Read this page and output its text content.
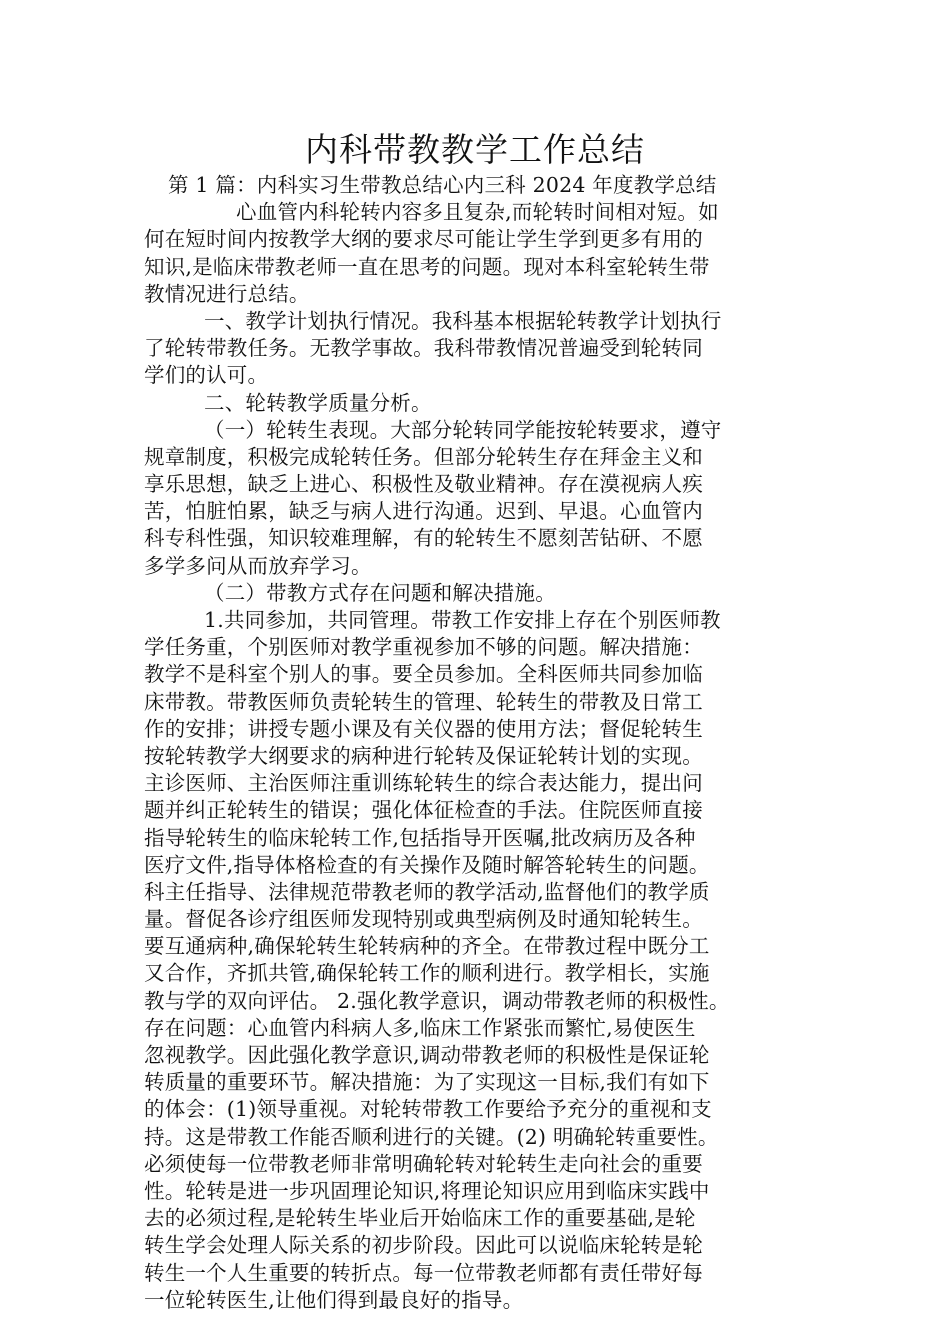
内科带教教学工作总结
第 1 篇：内科实习生带教总结心内三科 2024 年度教学总结
心血管内科轮转内容多且复杂,而轮转时间相对短。如
何在短时间内按教学大纲的要求尽可能让学生学到更多有用的
知识,是临床带教老师一直在思考的问题。现对本科室轮转生带
教情况进行总结。
一、教学计划执行情况。我科基本根据轮转教学计划执行
了轮转带教任务。无教学事故。我科带教情况普遍受到轮转同
学们的认可。
二、轮转教学质量分析。
（一）轮转生表现。大部分轮转同学能按轮转要求，遵守
规章制度，积极完成轮转任务。但部分轮转生存在拜金主义和
享乐思想，缺乏上进心、积极性及敬业精神。存在漠视病人疾
苦，怕脏怕累，缺乏与病人进行沟通。迟到、早退。心血管内
科专科性强，知识较难理解，有的轮转生不愿刻苦钻研、不愿
多学多问从而放弃学习。
（二）带教方式存在问题和解决措施。
1.共同参加，共同管理。带教工作安排上存在个别医师教
学任务重，个别医师对教学重视参加不够的问题。解决措施：
教学不是科室个别人的事。要全员参加。全科医师共同参加临
床带教。带教医师负责轮转生的管理、轮转生的带教及日常工
作的安排；讲授专题小课及有关仪器的使用方法；督促轮转生
按轮转教学大纲要求的病种进行轮转及保证轮转计划的实现。
主诊医师、主治医师注重训练轮转生的综合表达能力，提出问
题并纠正轮转生的错误；强化体征检查的手法。住院医师直接
指导轮转生的临床轮转工作,包括指导开医嘱,批改病历及各种
医疗文件,指导体格检查的有关操作及随时解答轮转生的问题。
科主任指导、法律规范带教老师的教学活动,监督他们的教学质
量。督促各诊疗组医师发现特别或典型病例及时通知轮转生。
要互通病种,确保轮转生轮转病种的齐全。在带教过程中既分工
又合作，齐抓共管,确保轮转工作的顺利进行。教学相长，实施
教与学的双向评估。 2.强化教学意识，调动带教老师的积极性。
存在问题：心血管内科病人多,临床工作紧张而繁忙,易使医生
忽视教学。因此强化教学意识,调动带教老师的积极性是保证轮
转质量的重要环节。解决措施：为了实现这一目标,我们有如下
的体会：(1)领导重视。对轮转带教工作要给予充分的重视和支
持。这是带教工作能否顺利进行的关键。(2) 明确轮转重要性。
必须使每一位带教老师非常明确轮转对轮转生走向社会的重要
性。轮转是进一步巩固理论知识,将理论知识应用到临床实践中
去的必须过程,是轮转生毕业后开始临床工作的重要基础,是轮
转生学会处理人际关系的初步阶段。因此可以说临床轮转是轮
转生一个人生重要的转折点。每一位带教老师都有责任带好每
一位轮转医生,让他们得到最良好的指导。
